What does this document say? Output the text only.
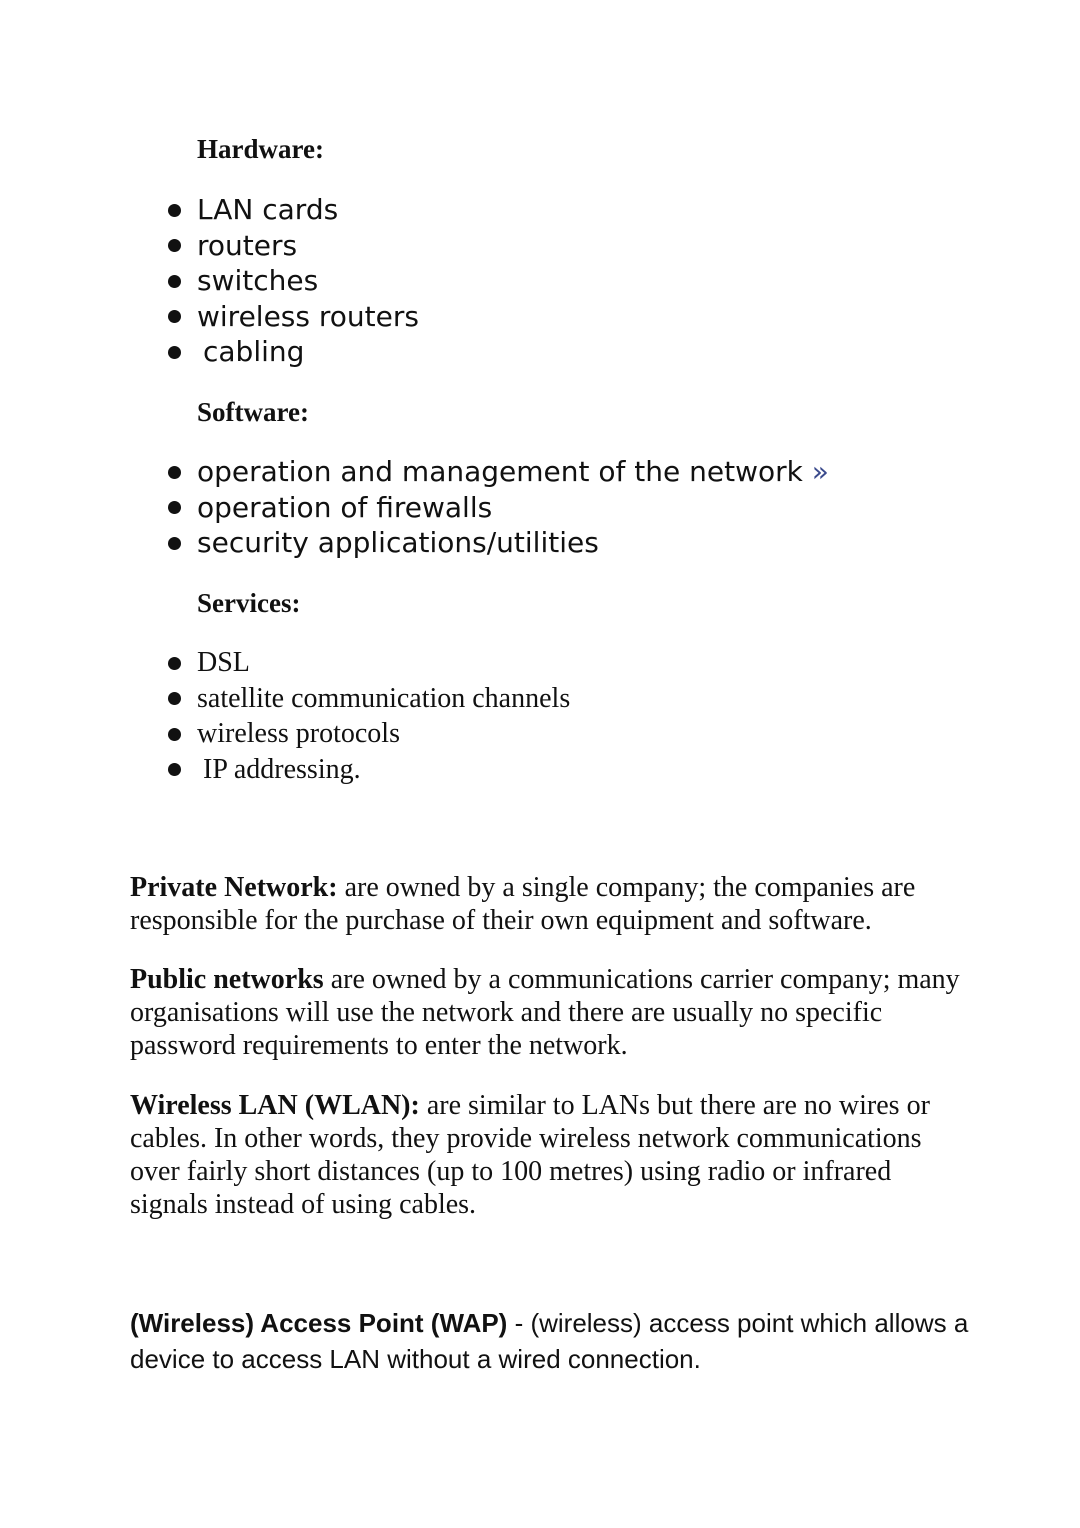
Hardware:
LAN cards
routers
switches
wireless routers
cabling
Software:
operation and management of the network »
operation of firewalls
security applications/utilities
Services:
DSL
satellite communication channels
wireless protocols
IP addressing.

Private Network: are owned by a single company; the companies are responsible for the purchase of their own equipment and software.

Public networks are owned by a communications carrier company; many organisations will use the network and there are usually no specific password requirements to enter the network.

Wireless LAN (WLAN): are similar to LANs but there are no wires or cables. In other words, they provide wireless network communications over fairly short distances (up to 100 metres) using radio or infrared signals instead of using cables.

(Wireless) Access Point (WAP) - (wireless) access point which allows a device to access LAN without a wired connection.
